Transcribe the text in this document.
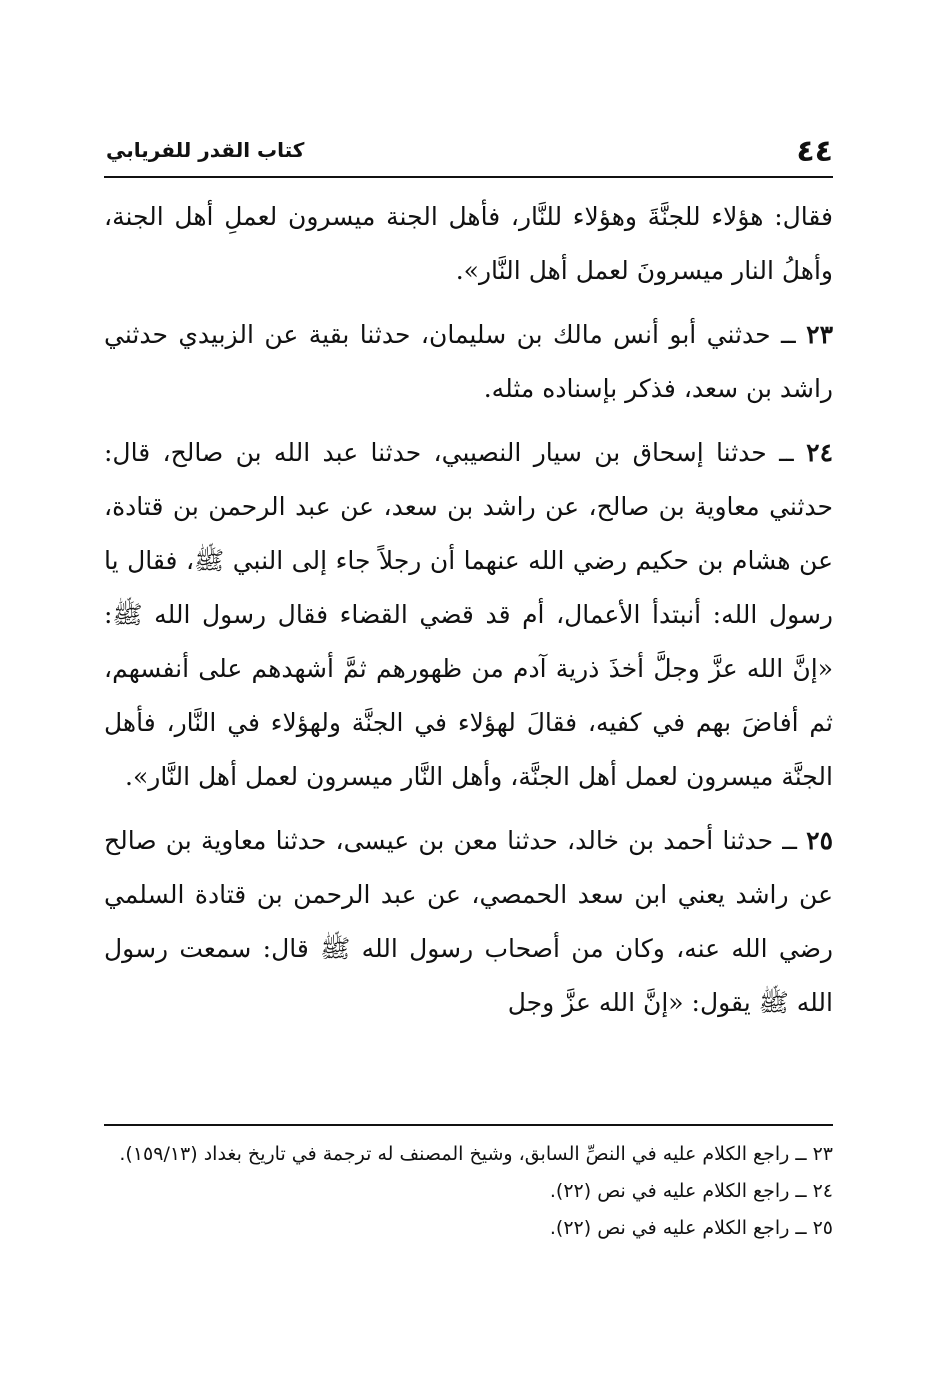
٤٤
كتاب القدر للفريابي

فقال: هؤلاء للجنَّةَ وهؤلاء للنَّار، فأهل الجنة ميسرون لعملِ أهل الجنة، وأهلُ النار ميسرونَ لعمل أهل النَّار».

٢٣ ــ حدثني أبو أنس مالك بن سليمان، حدثنا بقية عن الزبيدي حدثني راشد بن سعد، فذكر بإسناده مثله.

٢٤ ــ حدثنا إسحاق بن سيار النصيبي، حدثنا عبد الله بن صالح، قال: حدثني معاوية بن صالح، عن راشد بن سعد، عن عبد الرحمن بن قتادة، عن هشام بن حكيم رضي الله عنهما أن رجلاً جاء إلى النبي ﷺ، فقال يا رسول الله: أنبتدأ الأعمال، أم قد قضي القضاء فقال رسول الله ﷺ: «إنَّ الله عزَّ وجلَّ أخذَ ذرية آدم من ظهورهم ثمَّ أشهدهم على أنفسهم، ثم أفاضَ بهم في كفيه، فقالَ لهؤلاء في الجنَّة ولهؤلاء في النَّار، فأهل الجنَّة ميسرون لعمل أهل الجنَّة، وأهل النَّار ميسرون لعمل أهل النَّار».

٢٥ ــ حدثنا أحمد بن خالد، حدثنا معن بن عيسى، حدثنا معاوية بن صالح عن راشد يعني ابن سعد الحمصي، عن عبد الرحمن بن قتادة السلمي رضي الله عنه، وكان من أصحاب رسول الله ﷺ قال: سمعت رسول الله ﷺ يقول: «إنَّ الله عزَّ وجل

٢٣ ــ راجع الكلام عليه في النصِّ السابق، وشيخ المصنف له ترجمة في تاريخ بغداد (١٥٩/١٣).

٢٤ ــ راجع الكلام عليه في نص (٢٢).

٢٥ ــ راجع الكلام عليه في نص (٢٢).
